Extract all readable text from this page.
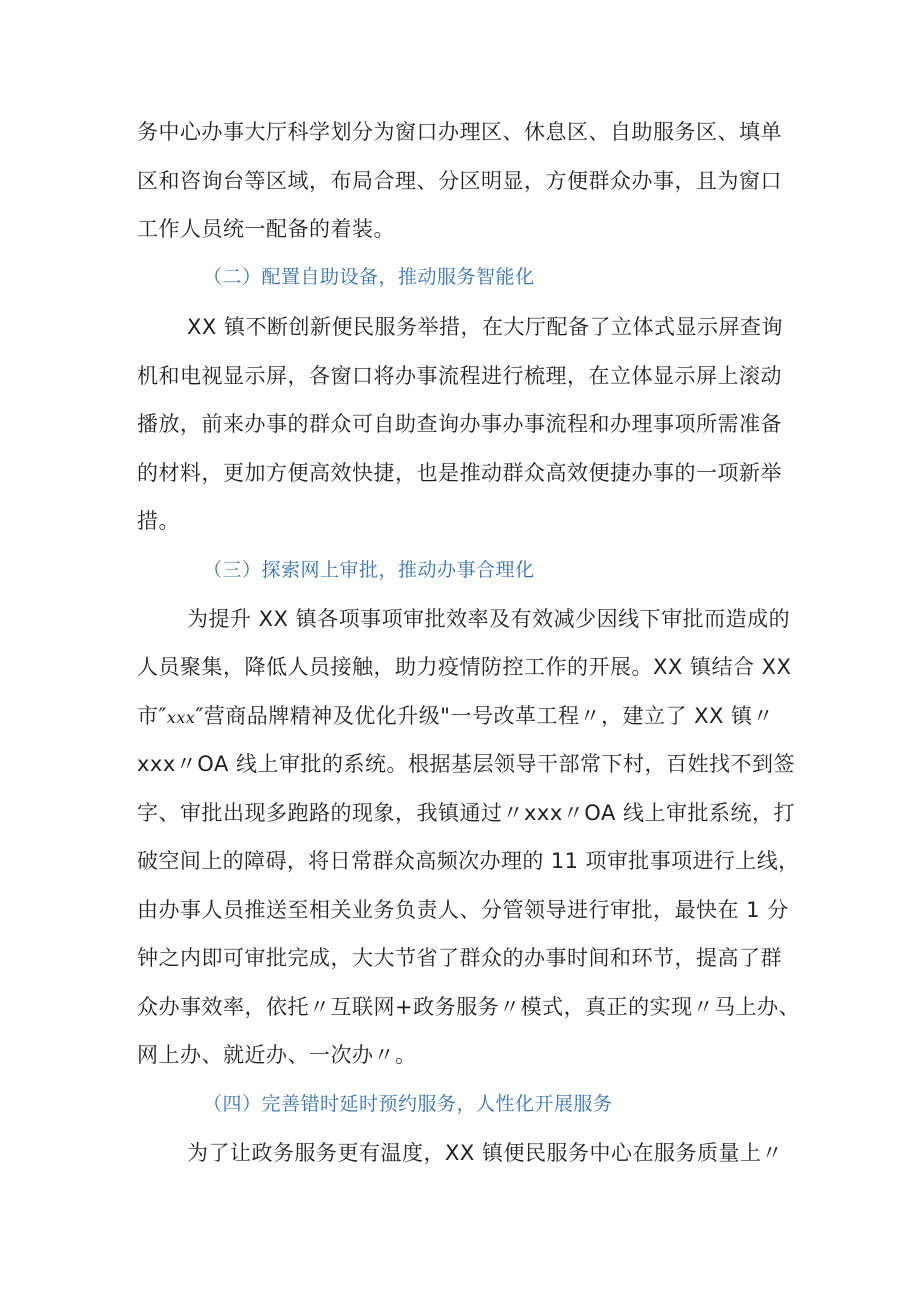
务中心办事大厅科学划分为窗口办理区、休息区、自助服务区、填单
区和咨询台等区域，布局合理、分区明显，方便群众办事，且为窗口
工作人员统一配备的着装。
（二）配置自助设备，推动服务智能化
XX 镇不断创新便民服务举措，在大厅配备了立体式显示屏查询
机和电视显示屏，各窗口将办事流程进行梳理，在立体显示屏上滚动
播放，前来办事的群众可自助查询办事办事流程和办理事项所需准备
的材料，更加方便高效快捷，也是推动群众高效便捷办事的一项新举
措。
（三）探索网上审批，推动办事合理化
为提升 XX 镇各项事项审批效率及有效减少因线下审批而造成的
人员聚集，降低人员接触，助力疫情防控工作的开展。XX 镇结合 XX
市″xxx″营商品牌精神及优化升级"一号改革工程〃，建立了 XX 镇〃
xxx〃OA 线上审批的系统。根据基层领导干部常下村，百姓找不到签
字、审批出现多跑路的现象，我镇通过〃xxx〃OA 线上审批系统，打
破空间上的障碍，将日常群众高频次办理的 11 项审批事项进行上线，
由办事人员推送至相关业务负责人、分管领导进行审批，最快在 1 分
钟之内即可审批完成，大大节省了群众的办事时间和环节，提高了群
众办事效率，依托〃互联网+政务服务〃模式，真正的实现〃马上办、
网上办、就近办、一次办〃。
（四）完善错时延时预约服务，人性化开展服务
为了让政务服务更有温度，XX 镇便民服务中心在服务质量上〃
